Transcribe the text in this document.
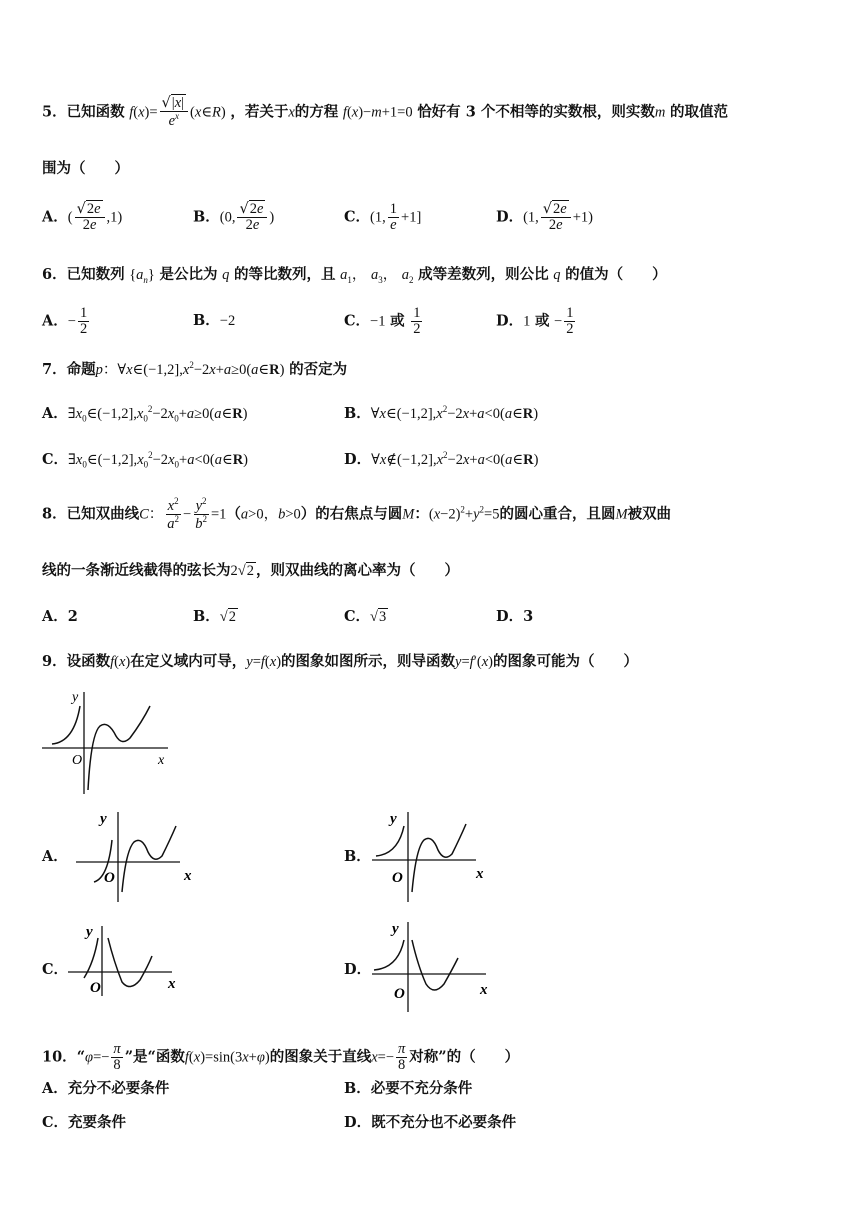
5．已知函数 $f(x)= \frac{√|x|}{e^x}$ (x∈R) ，若关于x的方程 f(x)−m+1=0 恰好有 3 个不相等的实数根，则实数m 的取值范
围为（　　）
A．( $\frac{√2e}{2e} ,1$)	B．(0, $\frac{√2e}{2e}$ )	C．(1, $\frac{1}{e} +1$]	D．(1, $\frac{√2e}{2e} +1$)
6．已知数列 $\{a_n\}$ 是公比为 q 的等比数列，且 $a_1$， $a_3$， $a_2$ 成等差数列，则公比 q 的值为（　　）
A．− $\frac{1}{2}$	B．−2	C．−1 或 $\frac{1}{2}$	D．1 或 − $\frac{1}{2}$
7．命题p：$\forall x\in(-1,2],x^2-2x+a\ge 0(a\in R)$ 的否定为
A．$\exists x_0\in(-1,2],x_0^2-2x_0+a\ge 0(a\in R)$	B．$\forall x\in(-1,2],x^2-2x+a<0(a\in R)$
C．$\exists x_0\in(-1,2],x_0^2-2x_0+a<0(a\in R)$	D．$\forall x\notin(-1,2],x^2-2x+a<0(a\in R)$
8．已知双曲线C： $\frac{x^2}{a^2} - \frac{y^2}{b^2} =1(a>0$，b>0）的右焦点与圆M：$(x-2)^2+y^2=5$的圆心重合，且圆M被双曲
线的一条渐近线截得的弦长为2√2 ，则双曲线的离心率为（　　）
A．2	B．√2	C．√3	D．3
9．设函数f(x)在定义域内可导，y=f(x)的图象如图所示，则导函数y=f′(x)的图象可能为（　　）
y
O	x
A．
y
O	x
B．
y
O	x
C．
y
O	x
D．
y
O	x
10．“$\varphi=- \frac{\pi}{8}$ ”是“函数f(x)=sin(3x+φ)的图象关于直线$x=- \frac{\pi}{8}$ 对称”的（　　）
A．充分不必要条件	B．必要不充分条件
C．充要条件	D．既不充分也不必要条件
